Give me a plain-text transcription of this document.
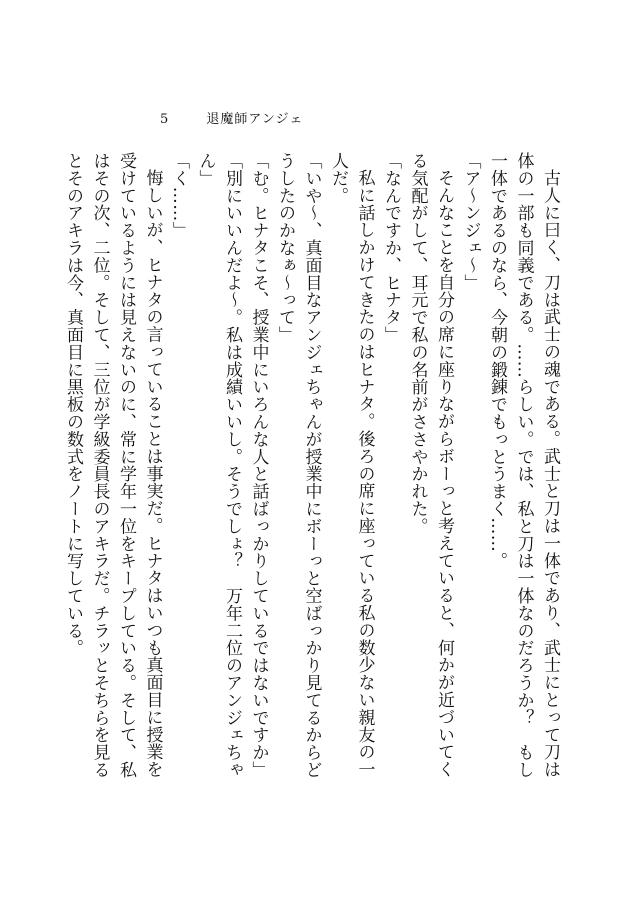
5	退魔師アンジェ

古人に曰く、刀は武士の魂である。武士と刀は一体であり、武士にとって刀は体の一部も同義である。……らしい。では、私と刀は一体なのだろうか？　もし一体であるのなら、今朝の鍛錬でもっとうまく……。

「ア～ンジェ～」

そんなことを自分の席に座りながらボーっと考えていると、何かが近づいてくる気配がして、耳元で私の名前がささやかれた。

「なんですか、ヒナタ」

私に話しかけてきたのはヒナタ。後ろの席に座っている私の数少ない親友の一人だ。

「いや～、真面目なアンジェちゃんが授業中にボーっと空ばっかり見てるからどうしたのかなぁ～って」

「む。ヒナタこそ、授業中にいろんな人と話ばっかりしているではないですか」

「別にいいんだよ～。私は成績いいし。そうでしょ？　万年二位のアンジェちゃん」

「く……」

悔しいが、ヒナタの言っていることは事実だ。ヒナタはいつも真面目に授業を受けているようには見えないのに、常に学年一位をキープしている。そして、私はその次、二位。そして、三位が学級委員長のアキラだ。チラッとそちらを見るとそのアキラは今、真面目に黒板の数式をノートに写している。
